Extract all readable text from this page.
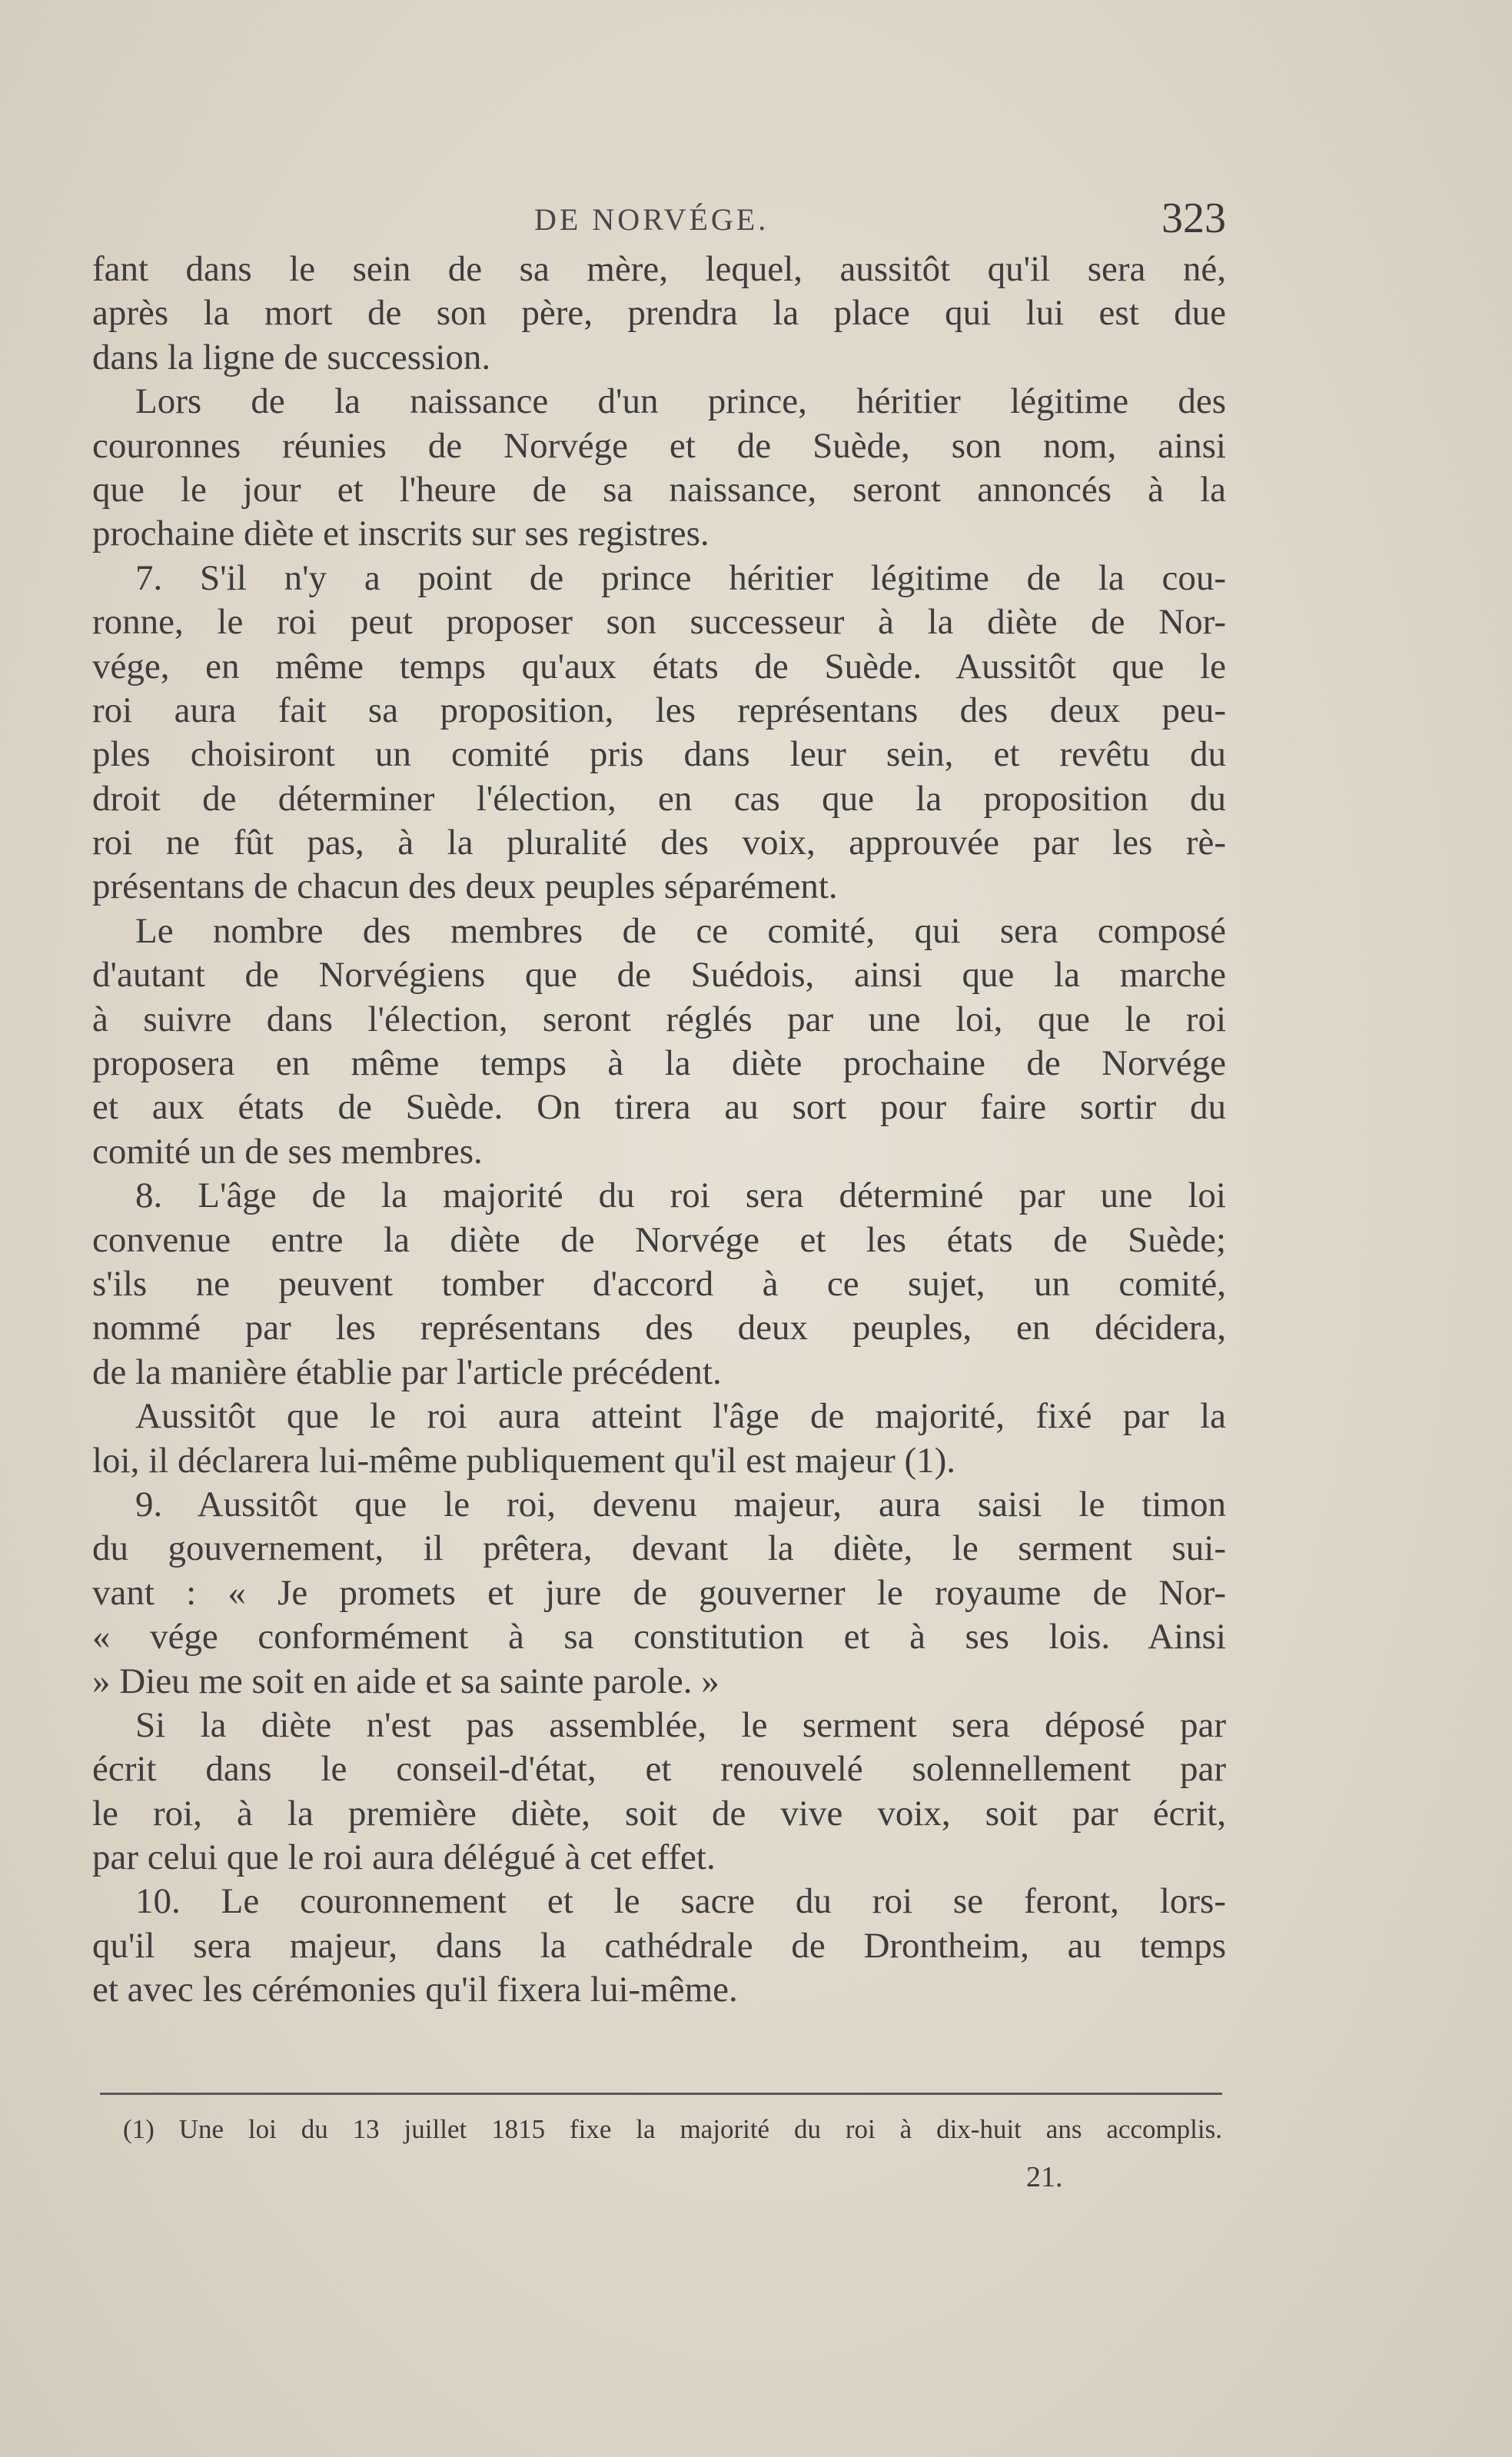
DE NORVÉGE.	323
fant dans le sein de sa mère, lequel, aussitôt qu'il sera né,
après la mort de son père, prendra la place qui lui est due
dans la ligne de succession.
Lors de la naissance d'un prince, héritier légitime des
couronnes réunies de Norvége et de Suède, son nom, ainsi
que le jour et l'heure de sa naissance, seront annoncés à la
prochaine diète et inscrits sur ses registres.
7. S'il n'y a point de prince héritier légitime de la cou-
ronne, le roi peut proposer son successeur à la diète de Nor-
vége, en même temps qu'aux états de Suède. Aussitôt que le
roi aura fait sa proposition, les représentans des deux peu-
ples choisiront un comité pris dans leur sein, et revêtu du
droit de déterminer l'élection, en cas que la proposition du
roi ne fût pas, à la pluralité des voix, approuvée par les rè-
présentans de chacun des deux peuples séparément.
Le nombre des membres de ce comité, qui sera composé
d'autant de Norvégiens que de Suédois, ainsi que la marche
à suivre dans l'élection, seront réglés par une loi, que le roi
proposera en même temps à la diète prochaine de Norvége
et aux états de Suède. On tirera au sort pour faire sortir du
comité un de ses membres.
8. L'âge de la majorité du roi sera déterminé par une loi
convenue entre la diète de Norvége et les états de Suède;
s'ils ne peuvent tomber d'accord à ce sujet, un comité,
nommé par les représentans des deux peuples, en décidera,
de la manière établie par l'article précédent.
Aussitôt que le roi aura atteint l'âge de majorité, fixé par la
loi, il déclarera lui-même publiquement qu'il est majeur (1).
9. Aussitôt que le roi, devenu majeur, aura saisi le timon
du gouvernement, il prêtera, devant la diète, le serment sui-
vant : « Je promets et jure de gouverner le royaume de Nor-
« vége conformément à sa constitution et à ses lois. Ainsi
» Dieu me soit en aide et sa sainte parole. »
Si la diète n'est pas assemblée, le serment sera déposé par
écrit dans le conseil-d'état, et renouvelé solennellement par
le roi, à la première diète, soit de vive voix, soit par écrit,
par celui que le roi aura délégué à cet effet.
10. Le couronnement et le sacre du roi se feront, lors-
qu'il sera majeur, dans la cathédrale de Drontheim, au temps
et avec les cérémonies qu'il fixera lui-même.
(1) Une loi du 13 juillet 1815 fixe la majorité du roi à dix-huit ans accomplis.
21.
